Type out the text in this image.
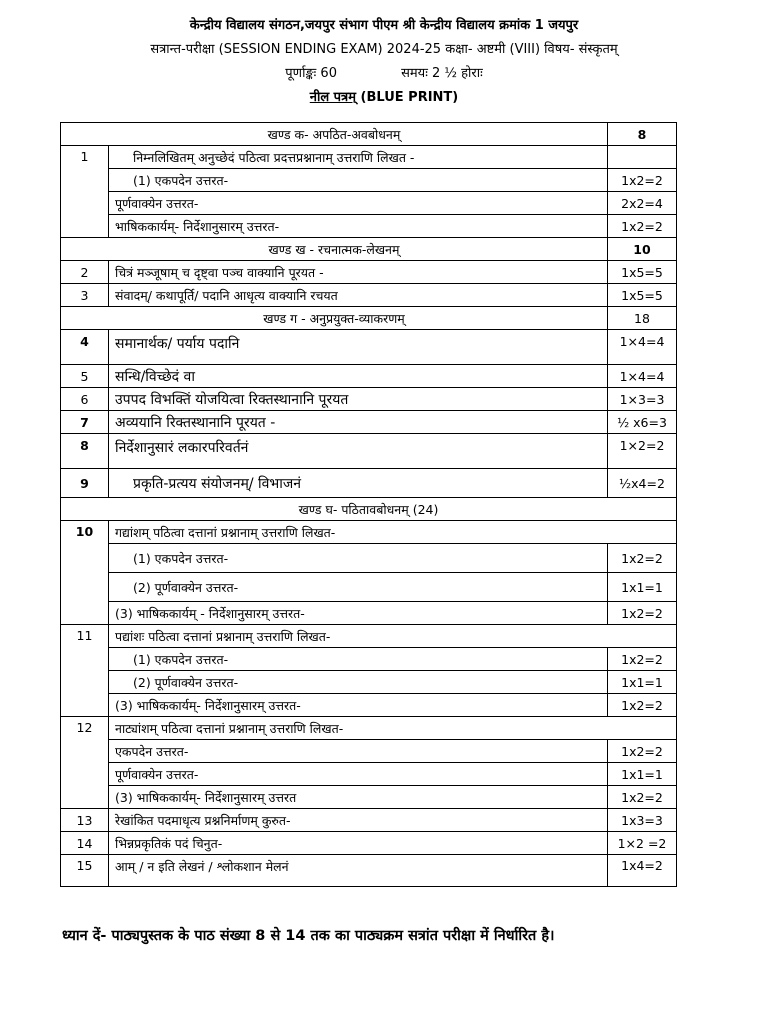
केन्द्रीय विद्यालय संगठन,जयपुर संभाग पीएम श्री केन्द्रीय विद्यालय क्रमांक 1 जयपुर
सत्रान्त-परीक्षा (SESSION ENDING EXAM) 2024-25 कक्षा- अष्टमी (VIII) विषय- संस्कृतम्
पूर्णाङ्कः 60	समयः 2 ½ होराः
नील पत्रम् (BLUE PRINT)
खण्ड क- अपठित-अवबोधनम्		8
1	निम्नलिखितम् अनुच्छेदं पठित्वा प्रदत्तप्रश्नानाम् उत्तराणि लिखत -	
	(1) एकपदेन उत्तरत-	1x2=2
	पूर्णवाक्येन उत्तरत-	2x2=4
	भाषिककार्यम्- निर्देशानुसारम् उत्तरत-	1x2=2
खण्ड ख - रचनात्मक-लेखनम्		10
2	चित्रं मञ्जूषाम् च दृष्ट्वा पञ्च वाक्यानि पूरयत -	1x5=5
3	संवादम्/ कथापूर्ति/ पदानि आधृत्य वाक्यानि रचयत	1x5=5
खण्ड ग - अनुप्रयुक्त-व्याकरणम्		18
4	समानार्थक/ पर्याय पदानि	1×4=4
5	सन्धि/विच्छेदं वा	1×4=4
6	उपपद विभक्तिं योजयित्वा रिक्तस्थानानि पूरयत	1×3=3
7	अव्ययानि रिक्तस्थानानि पूरयत -	½ x6=3
8	निर्देशानुसारं लकारपरिवर्तनं	1×2=2
9	प्रकृति-प्रत्यय संयोजनम्/ विभाजनं	½x4=2
खण्ड घ- पठितावबोधनम् (24)		
10	गद्यांशम् पठित्वा दत्तानां प्रश्नानाम् उत्तराणि लिखत-	
	(1) एकपदेन उत्तरत-	1x2=2
	(2) पूर्णवाक्येन उत्तरत-	1x1=1
	(3) भाषिककार्यम् - निर्देशानुसारम् उत्तरत-	1x2=2
11	पद्यांशः पठित्वा दत्तानां प्रश्नानाम् उत्तराणि लिखत-	
	(1) एकपदेन उत्तरत-	1x2=2
	(2) पूर्णवाक्येन उत्तरत-	1x1=1
	(3) भाषिककार्यम्- निर्देशानुसारम् उत्तरत-	1x2=2
12	नाट्यांशम् पठित्वा दत्तानां प्रश्नानाम् उत्तराणि लिखत-	
	एकपदेन उत्तरत-	1x2=2
	पूर्णवाक्येन उत्तरत-	1x1=1
	(3) भाषिककार्यम्- निर्देशानुसारम् उत्तरत	1x2=2
13	रेखांकित पदमाधृत्य प्रश्ननिर्माणम् कुरुत-	1x3=3
14	भिन्नप्रकृतिकं पदं चिनुत-	1×2 =2
15	आम् / न इति लेखनं / श्लोकशान मेलनं	1x4=2
ध्यान दें- पाठ्यपुस्तक के पाठ संख्या 8 से 14 तक का पाठ्यक्रम सत्रांत परीक्षा में निर्धारित है।
